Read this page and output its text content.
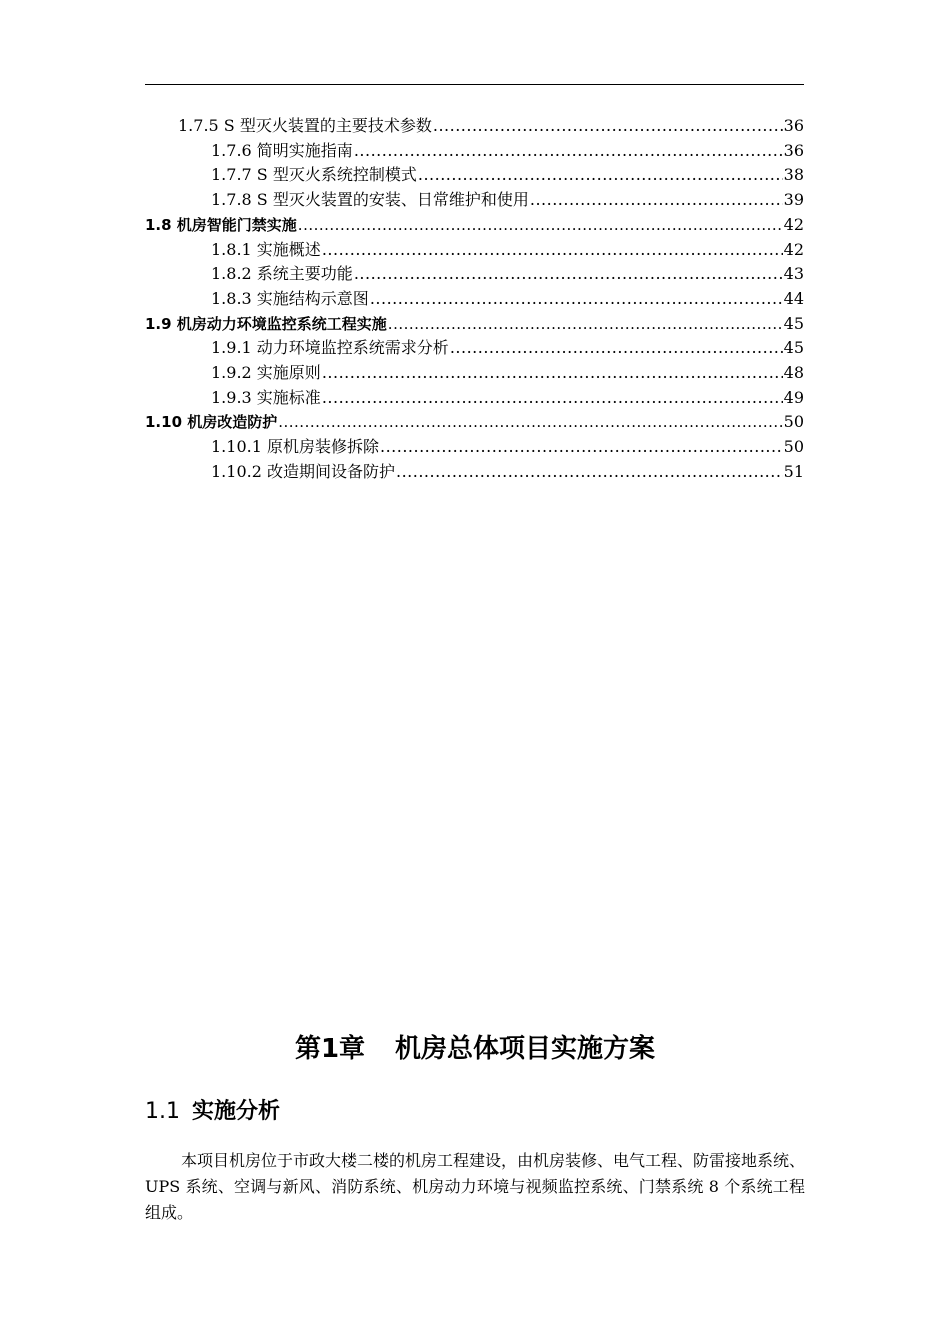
1.7.5 S 型灭火装置的主要技术参数 .....	36
1.7.6 简明实施指南 .....	36
1.7.7 S 型灭火系统控制模式 .....	38
1.7.8 S 型灭火装置的安装、日常维护和使用 .....	39
1.8 机房智能门禁实施 .....	42
1.8.1 实施概述 .....	42
1.8.2 系统主要功能 .....	43
1.8.3 实施结构示意图 .....	44
1.9 机房动力环境监控系统工程实施 .....	45
1.9.1 动力环境监控系统需求分析 .....	45
1.9.2 实施原则 .....	48
1.9.3 实施标准 .....	49
1.10 机房改造防护 .....	50
1.10.1 原机房装修拆除 .....	50
1.10.2 改造期间设备防护 .....	51
第1章 机房总体项目实施方案
1.1 实施分析
本项目机房位于市政大楼二楼的机房工程建设，由机房装修、电气工程、防雷接地系统、UPS 系统、空调与新风、消防系统、机房动力环境与视频监控系统、门禁系统 8 个系统工程组成。
